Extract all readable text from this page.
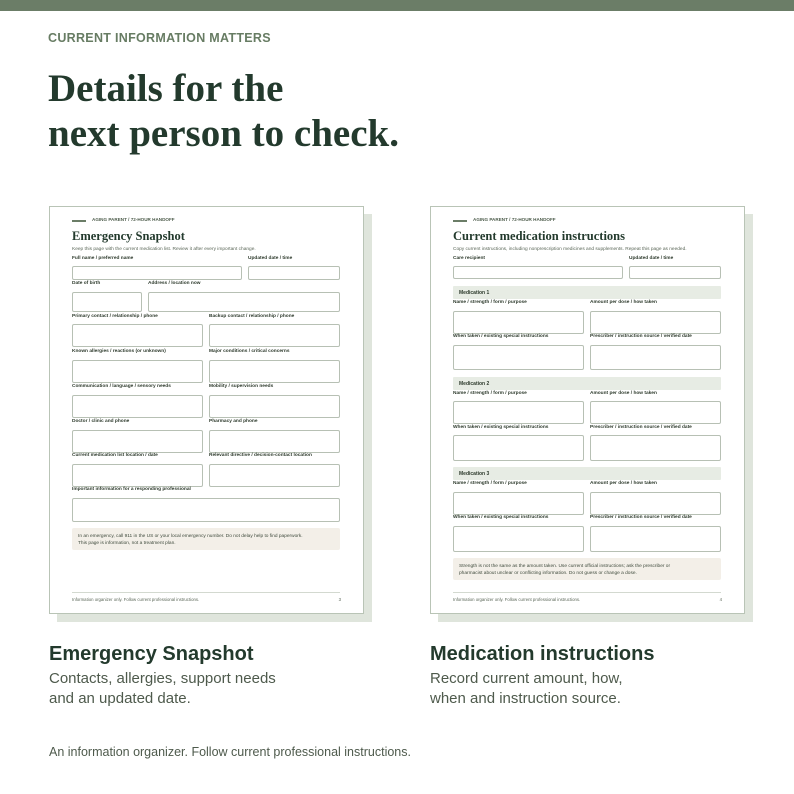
CURRENT INFORMATION MATTERS
Details for the
next person to check.
AGING PARENT / 72-HOUR HANDOFF
Emergency Snapshot
Keep this page with the current medication list. Review it after every important change.
Full name / preferred name	Updated date / time
Date of birth	Address / location now
Primary contact / relationship / phone	Backup contact / relationship / phone
Known allergies / reactions (or unknown)	Major conditions / critical concerns
Communication / language / sensory needs	Mobility / supervision needs
Doctor / clinic and phone	Pharmacy and phone
Current medication list location / date	Relevant directive / decision-contact location
Important information for a responding professional
In an emergency, call 911 in the US or your local emergency number. Do not delay help to find paperwork.
This page is information, not a treatment plan.
Information organizer only. Follow current professional instructions.	3
AGING PARENT / 72-HOUR HANDOFF
Current medication instructions
Copy current instructions, including nonprescription medicines and supplements. Repeat this page as needed.
Care recipient	Updated date / time
Medication 1
Name / strength / form / purpose	Amount per dose / how taken
When taken / existing special instructions	Prescriber / instruction source / verified date
Medication 2
Name / strength / form / purpose	Amount per dose / how taken
When taken / existing special instructions	Prescriber / instruction source / verified date
Medication 3
Name / strength / form / purpose	Amount per dose / how taken
When taken / existing special instructions	Prescriber / instruction source / verified date
Strength is not the same as the amount taken. Use current official instructions; ask the prescriber or
pharmacist about unclear or conflicting information. Do not guess or change a dose.
Information organizer only. Follow current professional instructions.	4
Emergency Snapshot
Contacts, allergies, support needs
and an updated date.
Medication instructions
Record current amount, how,
when and instruction source.
An information organizer. Follow current professional instructions.
